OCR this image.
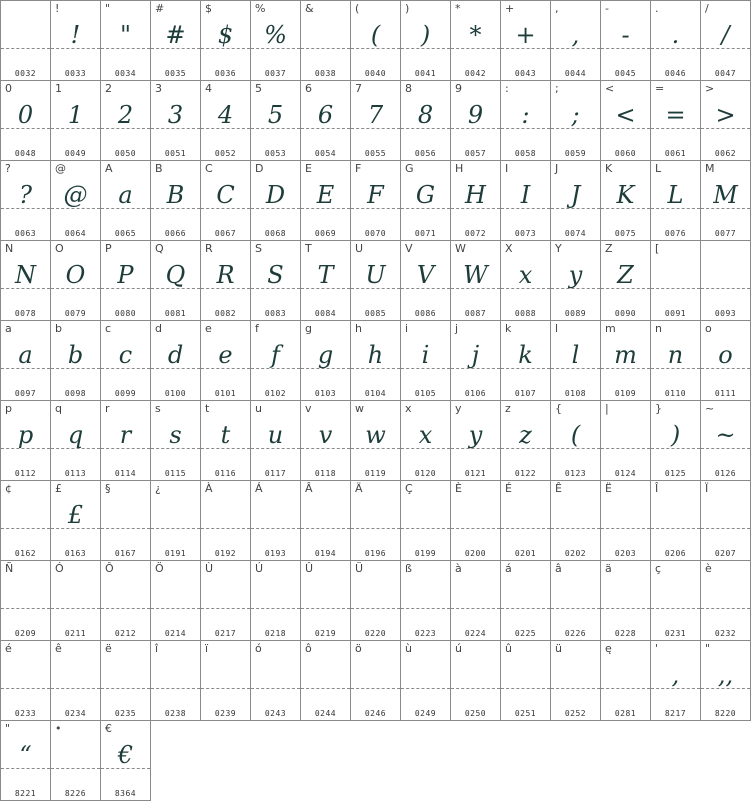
0032
!
!
0033
"
"
0034
#
#
0035
$
$
0036
%
%
0037
&
0038
(
(
0040
)
)
0041
*
*
0042
+
+
0043
,
,
0044
-
-
0045
.
.
0046
/
/
0047
0
0
0048
1
1
0049
2
2
0050
3
3
0051
4
4
0052
5
5
0053
6
6
0054
7
7
0055
8
8
0056
9
9
0057
:
:
0058
;
;
0059
<
<
0060
=
=
0061
>
>
0062
?
?
0063
@
@
0064
A
a
0065
B
B
0066
C
C
0067
D
D
0068
E
E
0069
F
F
0070
G
G
0071
H
H
0072
I
I
0073
J
J
0074
K
K
0075
L
L
0076
M
M
0077
N
N
0078
O
O
0079
P
P
0080
Q
Q
0081
R
R
0082
S
S
0083
T
T
0084
U
U
0085
V
V
0086
W
W
0087
X
x
0088
Y
y
0089
Z
Z
0090
[
0091	0093
a
a
0097
b
b
0098
c
c
0099
d
d
0100
e
e
0101
f
f
0102
g
g
0103
h
h
0104
i
i
0105
j
j
0106
k
k
0107
l
l
0108
m
m
0109
n
n
0110
o
o
0111
p
p
0112
q
q
0113
r
r
0114
s
s
0115
t
t
0116
u
u
0117
v
v
0118
w
w
0119
x
x
0120
y
y
0121
z
z
0122
{
(
0123
|
0124
}
)
0125
~
~
0126
¢
0162
£
£
0163
§
0167
¿
0191
À
0192
Á
0193
Â
0194
Ä
0196
Ç
0199
È
0200
É
0201
Ê
0202
Ë
0203
Î
0206
Ï
0207
Ñ
0209
Ó
0211
Ô
0212
Ö
0214
Ù
0217
Ú
0218
Û
0219
Ü
0220
ß
0223
à
0224
á
0225
â
0226
ä
0228
ç
0231
è
0232
é
0233
ê
0234
ë
0235
î
0238
ï
0239
ó
0243
ô
0244
ö
0246
ù
0249
ú
0250
û
0251
ü
0252
ę
0281
'
,
8217
"
,,
8220
"
“
8221
•
8226
€
€
8364
